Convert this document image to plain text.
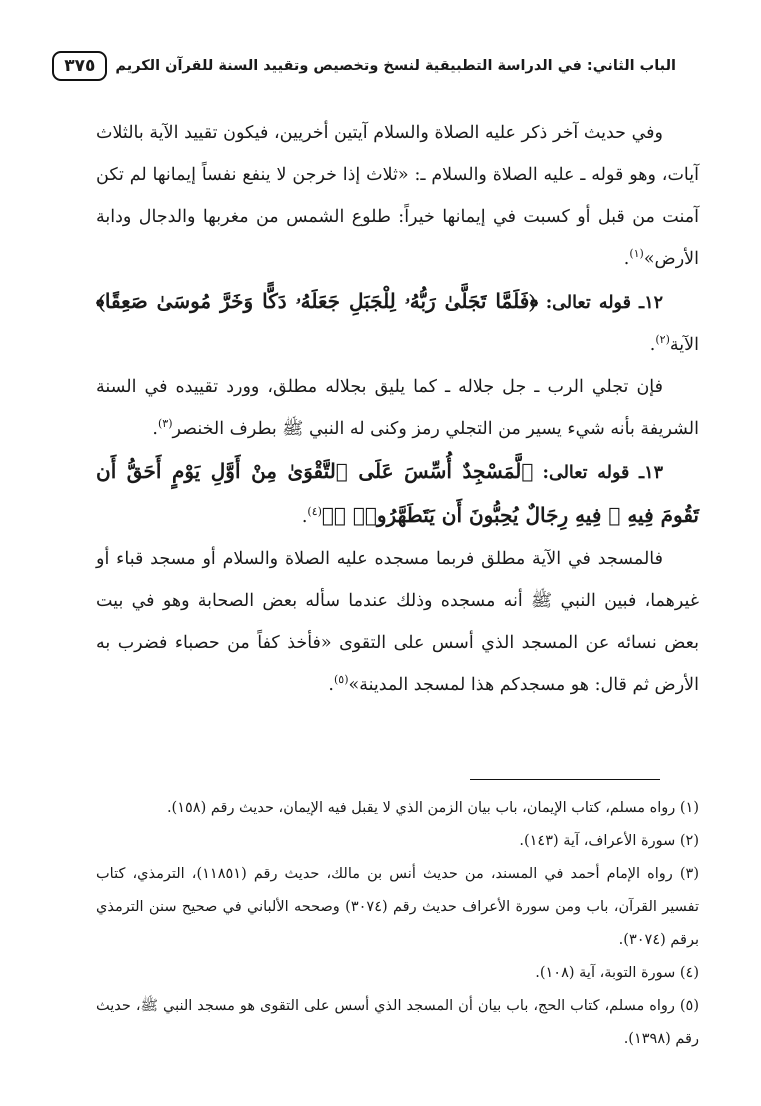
الباب الثاني: في الدراسة التطبيقية لنسخ وتخصيص وتقييد السنة للقرآن الكريم
٣٧٥

وفي حديث آخر ذكر عليه الصلاة والسلام آيتين أخريين، فيكون تقييد الآية بالثلاث آيات، وهو قوله ـ عليه الصلاة والسلام ـ: «ثلاث إذا خرجن لا ينفع نفساً إيمانها لم تكن آمنت من قبل أو كسبت في إيمانها خيراً: طلوع الشمس من مغربها والدجال ودابة الأرض»$^{(١)}$.

١٢ـ قوله تعالى: ﴿فَلَمَّا تَجَلَّىٰ رَبُّهُۥ لِلْجَبَلِ جَعَلَهُۥ دَكًّا وَخَرَّ مُوسَىٰ صَعِقًا﴾ الآية$^{(٢)}$.

فإن تجلي الرب ـ جل جلاله ـ كما يليق بجلاله مطلق، وورد تقييده في السنة الشريفة بأنه شيء يسير من التجلي رمز وكنى له النبي ﷺ بطرف الخنصر$^{(٣)}$.

١٣ـ قوله تعالى: ﴿لَّمَسْجِدٌ أُسِّسَ عَلَى ٱلتَّقْوَىٰ مِنْ أَوَّلِ يَوْمٍ أَحَقُّ أَن تَقُومَ فِيهِ ۚ فِيهِ رِجَالٌ يُحِبُّونَ أَن يَتَطَهَّرُوا۟ ۚ﴾$^{(٤)}$.

فالمسجد في الآية مطلق فربما مسجده عليه الصلاة والسلام أو مسجد قباء أو غيرهما، فبين النبي ﷺ أنه مسجده وذلك عندما سأله بعض الصحابة وهو في بيت بعض نسائه عن المسجد الذي أسس على التقوى «فأخذ كفاً من حصباء فضرب به الأرض ثم قال: هو مسجدكم هذا لمسجد المدينة»$^{(٥)}$.

(١) رواه مسلم، كتاب الإيمان، باب بيان الزمن الذي لا يقبل فيه الإيمان، حديث رقم (١٥٨).

(٢) سورة الأعراف، آية (١٤٣).

(٣) رواه الإمام أحمد في المسند، من حديث أنس بن مالك، حديث رقم (١١٨٥١)، الترمذي، كتاب تفسير القرآن، باب ومن سورة الأعراف حديث رقم (٣٠٧٤) وصححه الألباني في صحيح سنن الترمذي برقم (٣٠٧٤).

(٤) سورة التوبة، آية (١٠٨).

(٥) رواه مسلم، كتاب الحج، باب بيان أن المسجد الذي أسس على التقوى هو مسجد النبي ﷺ، حديث رقم (١٣٩٨).
